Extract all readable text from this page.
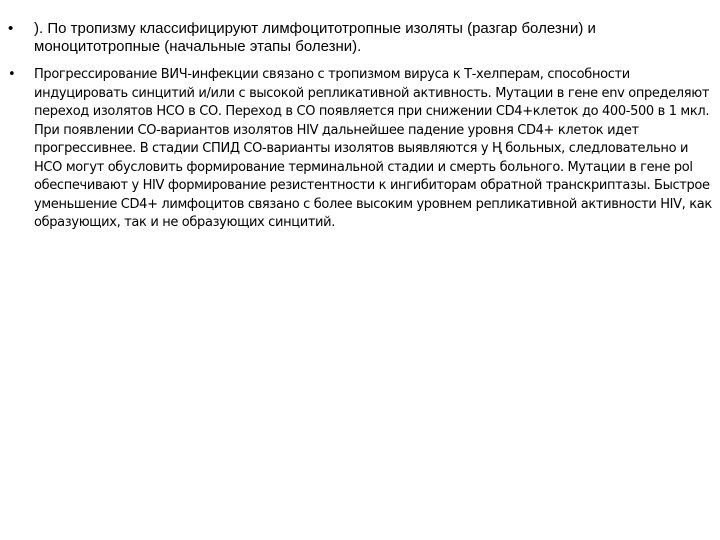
• ). По тропизму классифицируют лимфоцитотропные изоляты (разгар болезни) и моноцитотропные (начальные этапы болезни).
• Прогрессирование ВИЧ-инфекции связано с тропизмом вируса к Т-хелперам, способности индуцировать синцитий и/или с высокой репликативной активность. Мутации в гене env определяют переход изолятов НСО в СО. Переход в СО появляется при снижении CD4+клеток до 400-500 в 1 мкл. При появлении СО-вариантов изолятов HIV дальнейшее падение уровня CD4+ клеток идет прогрессивнее. В стадии СПИД СО-варианты изолятов выявляются у Ң больных, следловательно и НСО могут обусловить формирование терминальной стадии и смерть больного. Мутации в гене pol обеспечивают у HIV формирование резистентности к ингибиторам обратной транскриптазы. Быстрое уменьшение CD4+ лимфоцитов связано с более высоким уровнем репликативной активности HIV, как образующих, так и не образующих синцитий.
